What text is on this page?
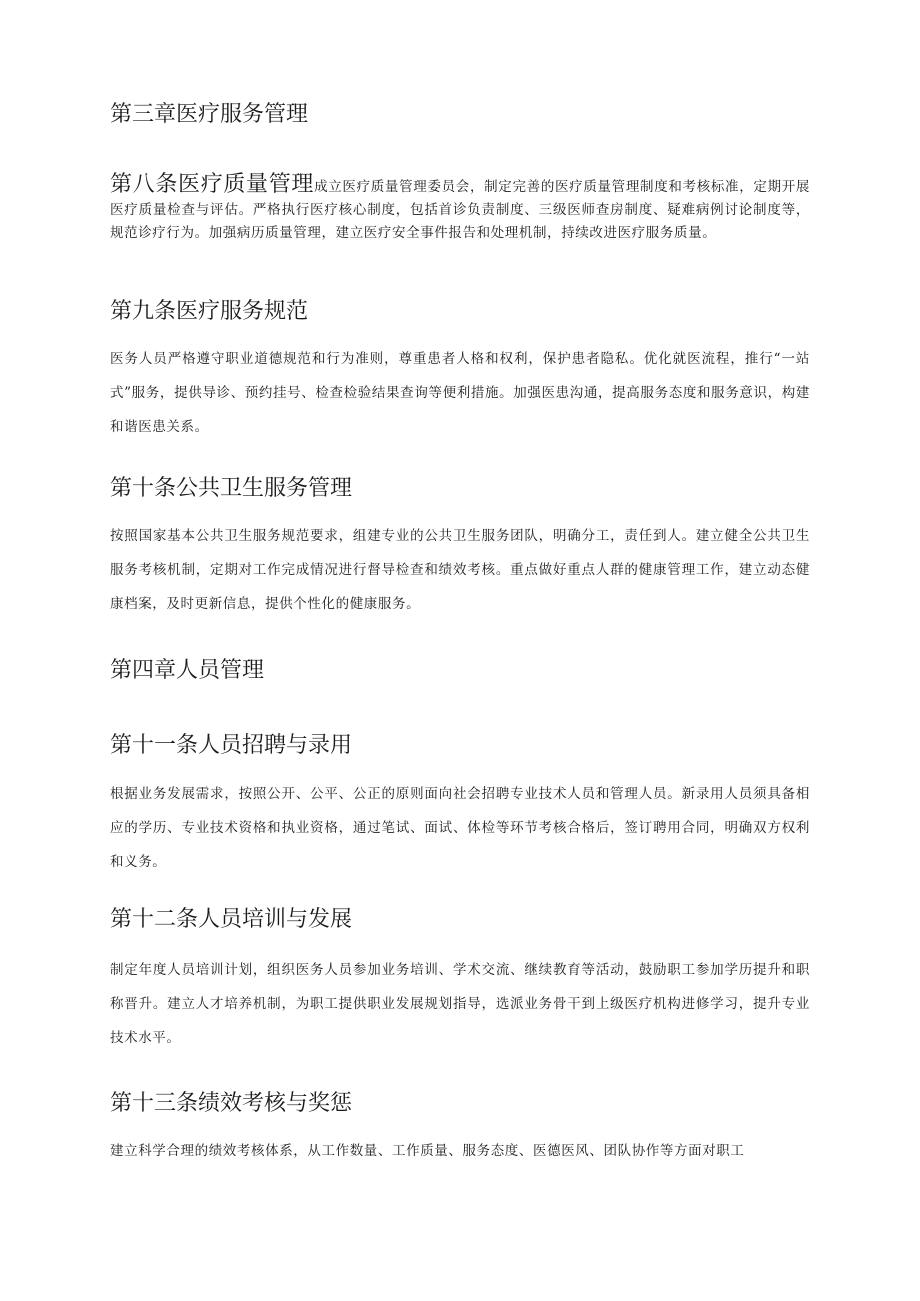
第三章医疗服务管理

第八条医疗质量管理成立医疗质量管理委员会，制定完善的医疗质量管理制度和考核标准，定期开展医疗质量检查与评估。严格执行医疗核心制度，包括首诊负责制度、三级医师查房制度、疑难病例讨论制度等，规范诊疗行为。加强病历质量管理，建立医疗安全事件报告和处理机制，持续改进医疗服务质量。

第九条医疗服务规范

医务人员严格遵守职业道德规范和行为准则，尊重患者人格和权利，保护患者隐私。优化就医流程，推行“一站式”服务，提供导诊、预约挂号、检查检验结果查询等便利措施。加强医患沟通，提高服务态度和服务意识，构建和谐医患关系。

第十条公共卫生服务管理

按照国家基本公共卫生服务规范要求，组建专业的公共卫生服务团队，明确分工，责任到人。建立健全公共卫生服务考核机制，定期对工作完成情况进行督导检查和绩效考核。重点做好重点人群的健康管理工作，建立动态健康档案，及时更新信息，提供个性化的健康服务。

第四章人员管理
第十一条人员招聘与录用

根据业务发展需求，按照公开、公平、公正的原则面向社会招聘专业技术人员和管理人员。新录用人员须具备相应的学历、专业技术资格和执业资格，通过笔试、面试、体检等环节考核合格后，签订聘用合同，明确双方权利和义务。

第十二条人员培训与发展

制定年度人员培训计划，组织医务人员参加业务培训、学术交流、继续教育等活动，鼓励职工参加学历提升和职称晋升。建立人才培养机制，为职工提供职业发展规划指导，选派业务骨干到上级医疗机构进修学习，提升专业技术水平。

第十三条绩效考核与奖惩

建立科学合理的绩效考核体系，从工作数量、工作质量、服务态度、医德医风、团队协作等方面对职工
